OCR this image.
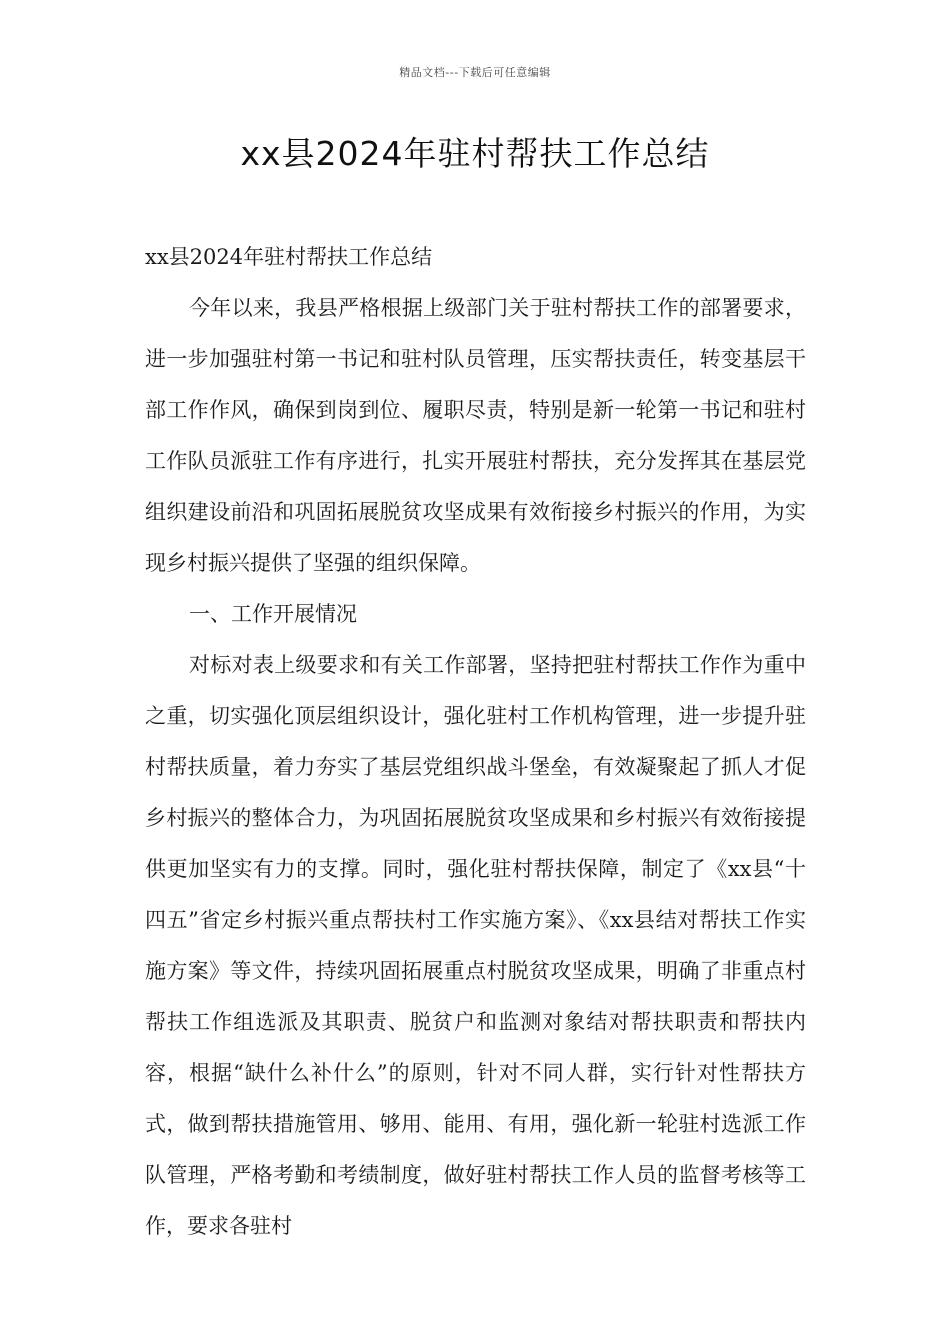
精品文档---下载后可任意编辑
xx县2024年驻村帮扶工作总结

xx县2024年驻村帮扶工作总结

今年以来，我县严格根据上级部门关于驻村帮扶工作的部署要求，进一步加强驻村第一书记和驻村队员管理，压实帮扶责任，转变基层干部工作作风，确保到岗到位、履职尽责，特别是新一轮第一书记和驻村工作队员派驻工作有序进行，扎实开展驻村帮扶，充分发挥其在基层党组织建设前沿和巩固拓展脱贫攻坚成果有效衔接乡村振兴的作用，为实现乡村振兴提供了坚强的组织保障。

一、工作开展情况

对标对表上级要求和有关工作部署，坚持把驻村帮扶工作作为重中之重，切实强化顶层组织设计，强化驻村工作机构管理，进一步提升驻村帮扶质量，着力夯实了基层党组织战斗堡垒，有效凝聚起了抓人才促乡村振兴的整体合力，为巩固拓展脱贫攻坚成果和乡村振兴有效衔接提供更加坚实有力的支撑。同时，强化驻村帮扶保障，制定了《xx县“十四五”省定乡村振兴重点帮扶村工作实施方案》、《xx县结对帮扶工作实施方案》等文件，持续巩固拓展重点村脱贫攻坚成果，明确了非重点村帮扶工作组选派及其职责、脱贫户和监测对象结对帮扶职责和帮扶内容，根据“缺什么补什么”的原则，针对不同人群，实行针对性帮扶方式，做到帮扶措施管用、够用、能用、有用，强化新一轮驻村选派工作队管理，严格考勤和考绩制度，做好驻村帮扶工作人员的监督考核等工作，要求各驻村
